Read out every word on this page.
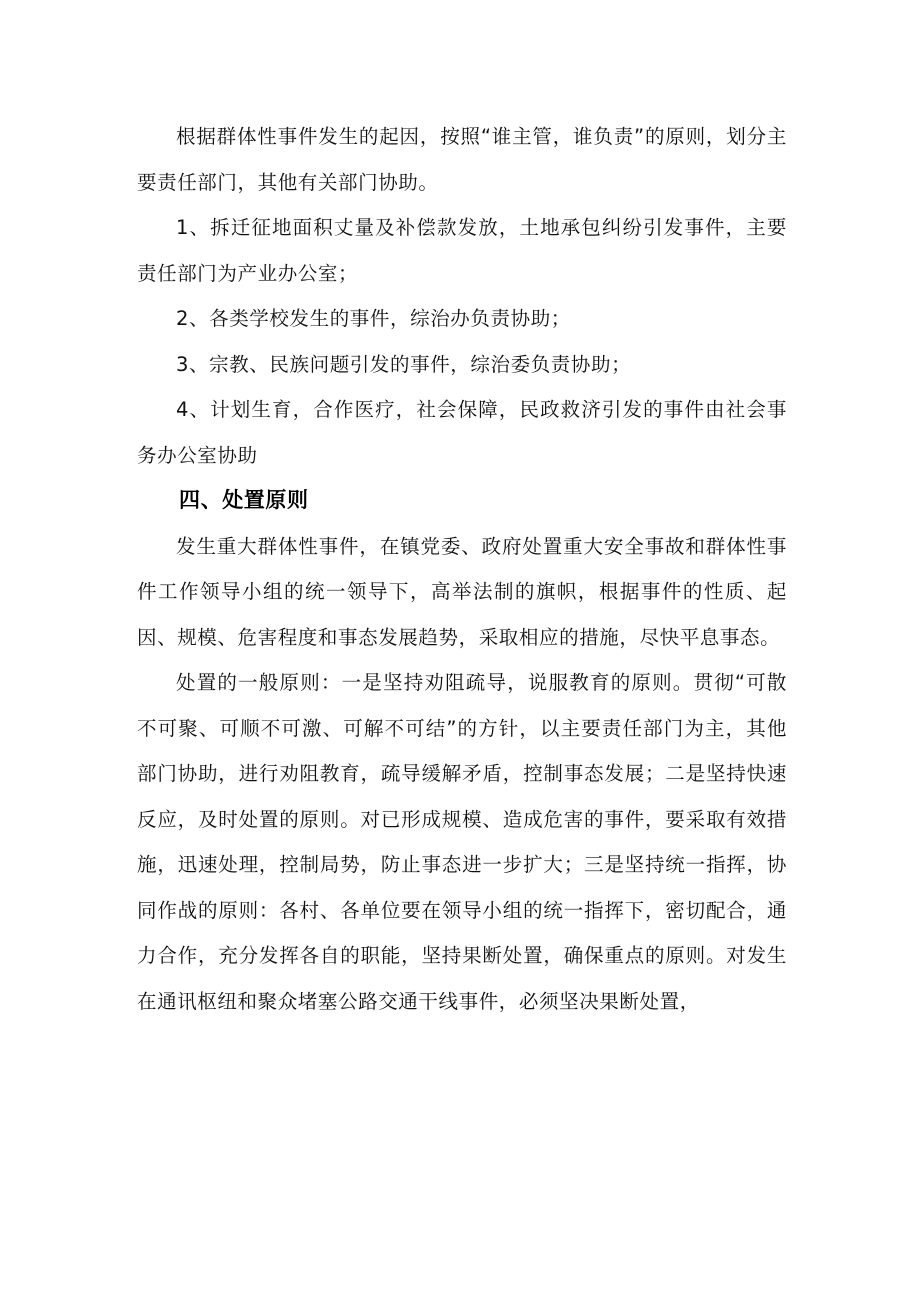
根据群体性事件发生的起因，按照“谁主管，谁负责”的原则，划分主要责任部门，其他有关部门协助。

1、拆迁征地面积丈量及补偿款发放，土地承包纠纷引发事件，主要责任部门为产业办公室；

2、各类学校发生的事件，综治办负责协助；

3、宗教、民族问题引发的事件，综治委负责协助；

4、计划生育，合作医疗，社会保障，民政救济引发的事件由社会事务办公室协助

四、处置原则

发生重大群体性事件，在镇党委、政府处置重大安全事故和群体性事件工作领导小组的统一领导下，高举法制的旗帜，根据事件的性质、起因、规模、危害程度和事态发展趋势，采取相应的措施，尽快平息事态。

处置的一般原则：一是坚持劝阻疏导，说服教育的原则。贯彻“可散不可聚、可顺不可激、可解不可结”的方针，以主要责任部门为主，其他部门协助，进行劝阻教育，疏导缓解矛盾，控制事态发展；二是坚持快速反应，及时处置的原则。对已形成规模、造成危害的事件，要采取有效措施，迅速处理，控制局势，防止事态进一步扩大；三是坚持统一指挥，协同作战的原则：各村、各单位要在领导小组的统一指挥下，密切配合，通力合作，充分发挥各自的职能，坚持果断处置，确保重点的原则。对发生在通讯枢纽和聚众堵塞公路交通干线事件，必须坚决果断处置，
